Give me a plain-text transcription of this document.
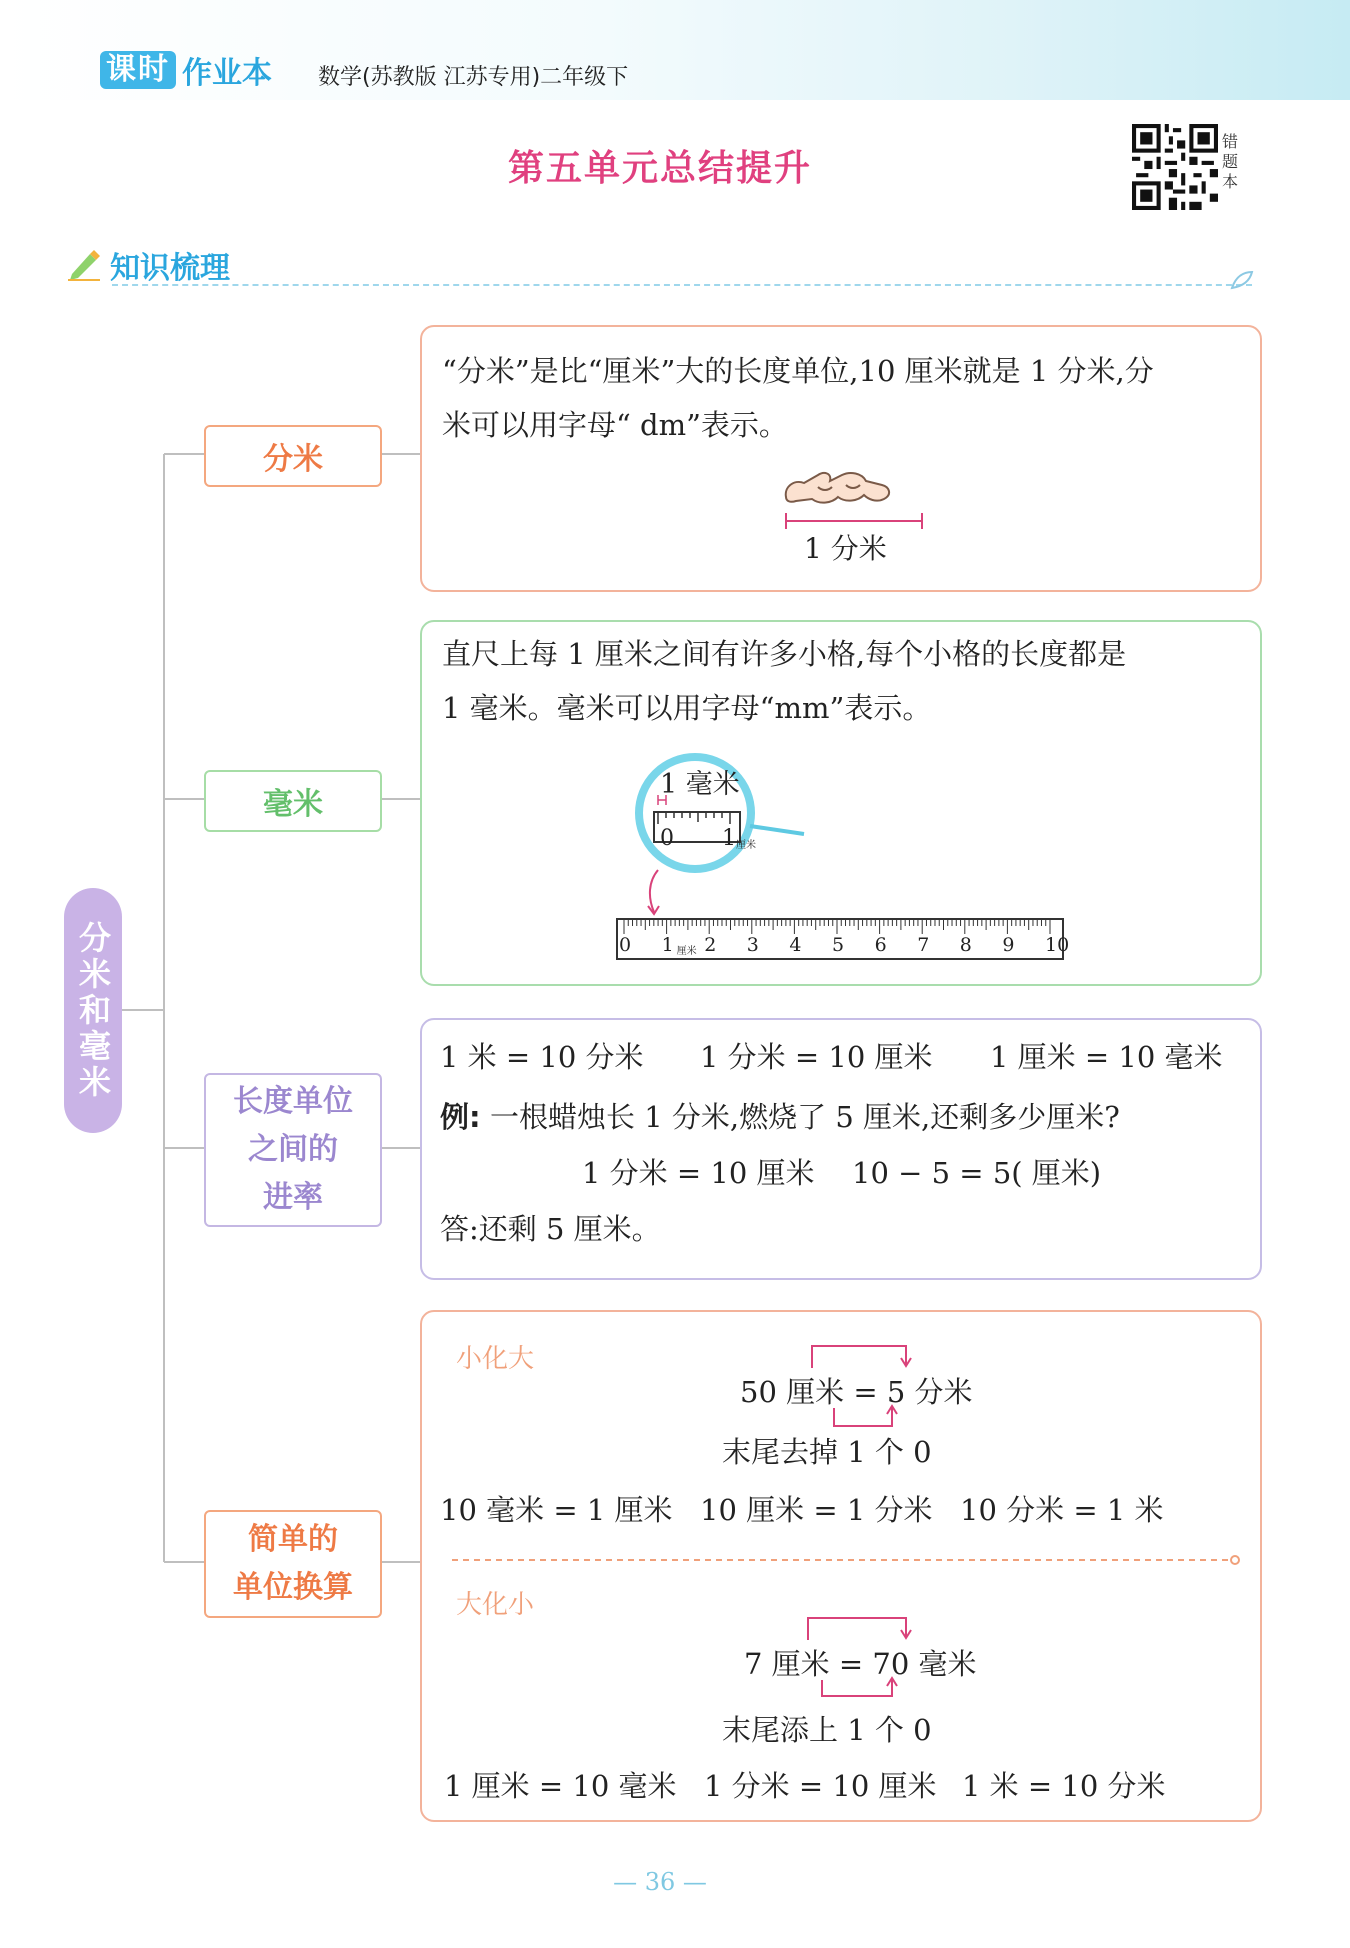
课时 作业本 数学(苏教版 江苏专用)二年级下
第五单元总结提升
错题本
知识梳理
分米和毫米
分米
毫米
长度单位
之间的
进率
简单的
单位换算
“分米”是比“厘米”大的长度单位,10 厘米就是 1 分米,分
米可以用字母“ dm”表示。
1 分米
直尺上每 1 厘米之间有许多小格,每个小格的长度都是
1 毫米。毫米可以用字母“mm”表示。
1 毫米
0 1 厘米
0 1 2 3 4 5 6 7 8 9 10
厘米
1 米 = 10 分米 1 分米 = 10 厘米 1 厘米 = 10 毫米
例: 一根蜡烛长 1 分米,燃烧了 5 厘米,还剩多少厘米?
1 分米 = 10 厘米 10 − 5 = 5( 厘米)
答:还剩 5 厘米。
小化大
50 厘米 = 5 分米
末尾去掉 1 个 0
10 毫米 = 1 厘米 10 厘米 = 1 分米 10 分米 = 1 米
大化小
7 厘米 = 70 毫米
末尾添上 1 个 0
1 厘米 = 10 毫米 1 分米 = 10 厘米 1 米 = 10 分米
— 36 —
